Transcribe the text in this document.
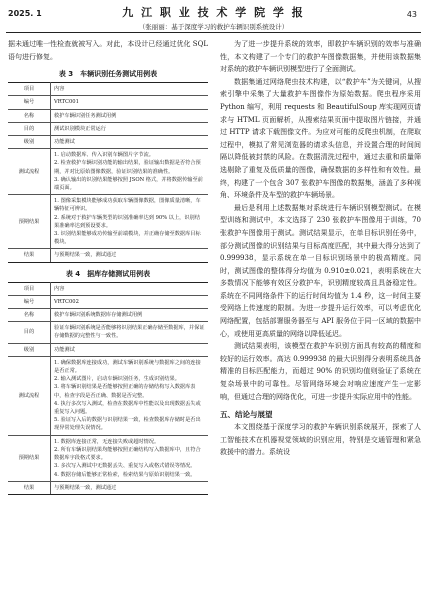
2025. 1	九 江 职 业 技 术 学 院 学 报
（张丽丽：基于深度学习的救护车辆识别系统设计）
43

据未通过唯一性检查就被写入。对此，本设计已经通过优化 SQL 语句进行修复。

表 3　车辆识别任务测试用例表
项目	内容
编号	VRTC001
名称	救护车辆识别任务测试用例
目的	测试识别模块正常运行
级别	功能测试
测试流程	1. 启动数据库、传入识别车辆图片字节流。
2. 检查救护车辆识别功能的输出结果，验证输出数据是否符合预期，并对比原始图像数据，验证识别结果的准确性。
3. 确认输出的识别结果能够按照 JSON 格式，并将数据传输至前端页面。
预期结果	1. 图像采集模块能够成功获取车辆图像数据，图像质量清晰，车辆特征可辨识。
2. 系统对于救护车辆类型的识别准确率达到 90% 以上，识别结果准确率达到预设要求。
3. 识别结果能够成功传输至前端模块，并正确存储至数据库目标模块。
结果	与预期结果一致，测试通过
表 4　据库存储测试用例表
项目	内容
编号	VRTC002
名称	救护车辆识别系统数据库存储测试用例
目的	验证车辆识别系统是否能够将识别结果正确存储至数据库，并保证存储数据的完整性与一致性。
级别	功能测试
测试流程	1. 确保数据库连接成功，测试车辆识别系统与数据库之间的连接是否正常。
2. 输入测试图片，启动车辆识别任务，生成识别结果。
3. 将车辆识别结果是否能够按照正确的存储结构写入数据库表中，检查字段是否正确、数据是否完整。
4. 执行多次写入测试，检查在数据库中性能以及出现数据丢失或重复写入问题。
5. 验证写入后的数据与识别结果一致，检查数据库存储时是否出现异常处理失误情况。
预期结果	1. 数据库连接正常，无连接失败或超时情况。
2. 所有车辆识别结果均能够按照正确结构写入数据库中，且符合数据库字段格式要求。
3. 多次写入测试中无数据丢失、重复写入或格式错误等情况。
4. 数据存储后能够正常检索，检索结果与原始识别结果一致。
结果	与预期结果一致，测试通过

为了进一步提升系统的效率，即救护车辆识别的效率与准确性，本文构建了一个专门的救护车图像数据集，并使用该数据集对系统的救护车辆识别模型进行了全面测试。

数据集通过网络爬虫技术构建，以“救护车”为关键词，从搜索引擎中采集了大量救护车图像作为原始数据。爬虫程序采用 Python 编写，利用 requests 和 BeautifulSoup 库实现网页请求与 HTML 页面解析，从搜索结果页面中提取图片链接，并通过 HTTP 请求下载图像文件。为应对可能的反爬虫机制，在爬取过程中，模拟了常见浏览器的请求头信息，并设置合理的时间间隔以降低被封禁的风险。在数据清洗过程中，通过去重和质量筛选剔除了重复及低质量的图像，确保数据的多样性和有效性。最终，构建了一个包含 307 张救护车图像的数据集，涵盖了多种视角、环境条件及车型的救护车辆场景。

最后是利用上述数据集对系统进行车辆识别模型测试。在模型训练和测试中，本文选择了 230 张救护车图像用于训练，70 张救护车图像用于测试。测试结果显示，在单目标识别任务中，部分测试图像的识别结果与目标高度匹配，其中最大得分达到了 0.999938，显示系统在单一目标识别场景中的极高精度。同时，测试图像的整体得分均值为 0.910±0.021，表明系统在大多数情况下能够有效区分救护车，识别精度较高且具备稳定性。系统在不同网络条件下的运行时间均值为 1.4 秒，这一时间主要受网络上传速度的限制。为进一步提升运行效率，可以考虑优化网络配置，包括部署服务器至与 API 服务位于同一区域的数据中心，或使用更高质量的网络以降低延迟。

测试结果表明，该模型在救护车识别方面具有较高的精度和较好的运行效率。高达 0.999938 的最大识别得分表明系统具备精准的目标匹配能力，而超过 90% 的识别均值则验证了系统在复杂场景中的可靠性。尽管网络环境会对响应速度产生一定影响，但通过合理的网络优化，可进一步提升实际应用中的性能。

五、结论与展望

本文围绕基于深度学习的救护车辆识别系统展开，探索了人工智能技术在机器视觉领域的识别应用，特别是交通管理和紧急救援中的潜力。系统设
